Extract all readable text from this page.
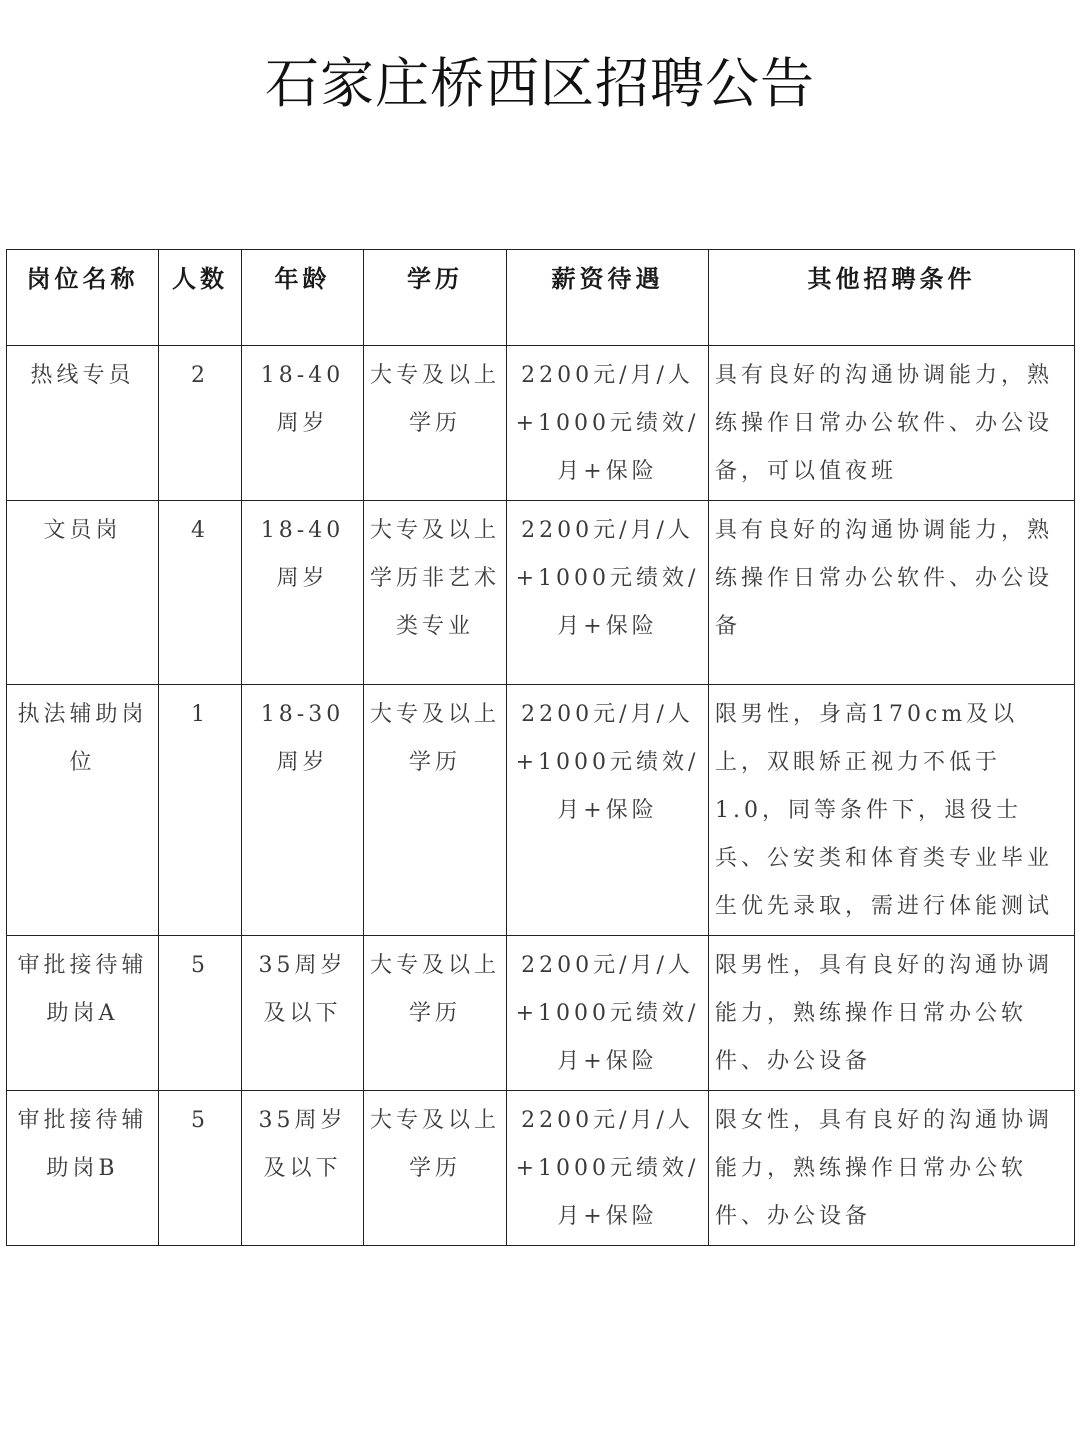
石家庄桥西区招聘公告
岗位名称	人数	年龄	学历	薪资待遇	其他招聘条件
热线专员	2	18-40周岁	大专及以上学历	2200元/月/人+1000元绩效/月+保险	具有良好的沟通协调能力，熟练操作日常办公软件、办公设备，可以值夜班
文员岗	4	18-40周岁	大专及以上学历非艺术类专业	2200元/月/人+1000元绩效/月+保险	具有良好的沟通协调能力，熟练操作日常办公软件、办公设备
执法辅助岗位	1	18-30周岁	大专及以上学历	2200元/月/人+1000元绩效/月+保险	限男性，身高170cm及以上，双眼矫正视力不低于1.0，同等条件下，退役士兵、公安类和体育类专业毕业生优先录取，需进行体能测试
审批接待辅助岗A	5	35周岁及以下	大专及以上学历	2200元/月/人+1000元绩效/月+保险	限男性，具有良好的沟通协调能力，熟练操作日常办公软件、办公设备
审批接待辅助岗B	5	35周岁及以下	大专及以上学历	2200元/月/人+1000元绩效/月+保险	限女性，具有良好的沟通协调能力，熟练操作日常办公软件、办公设备
